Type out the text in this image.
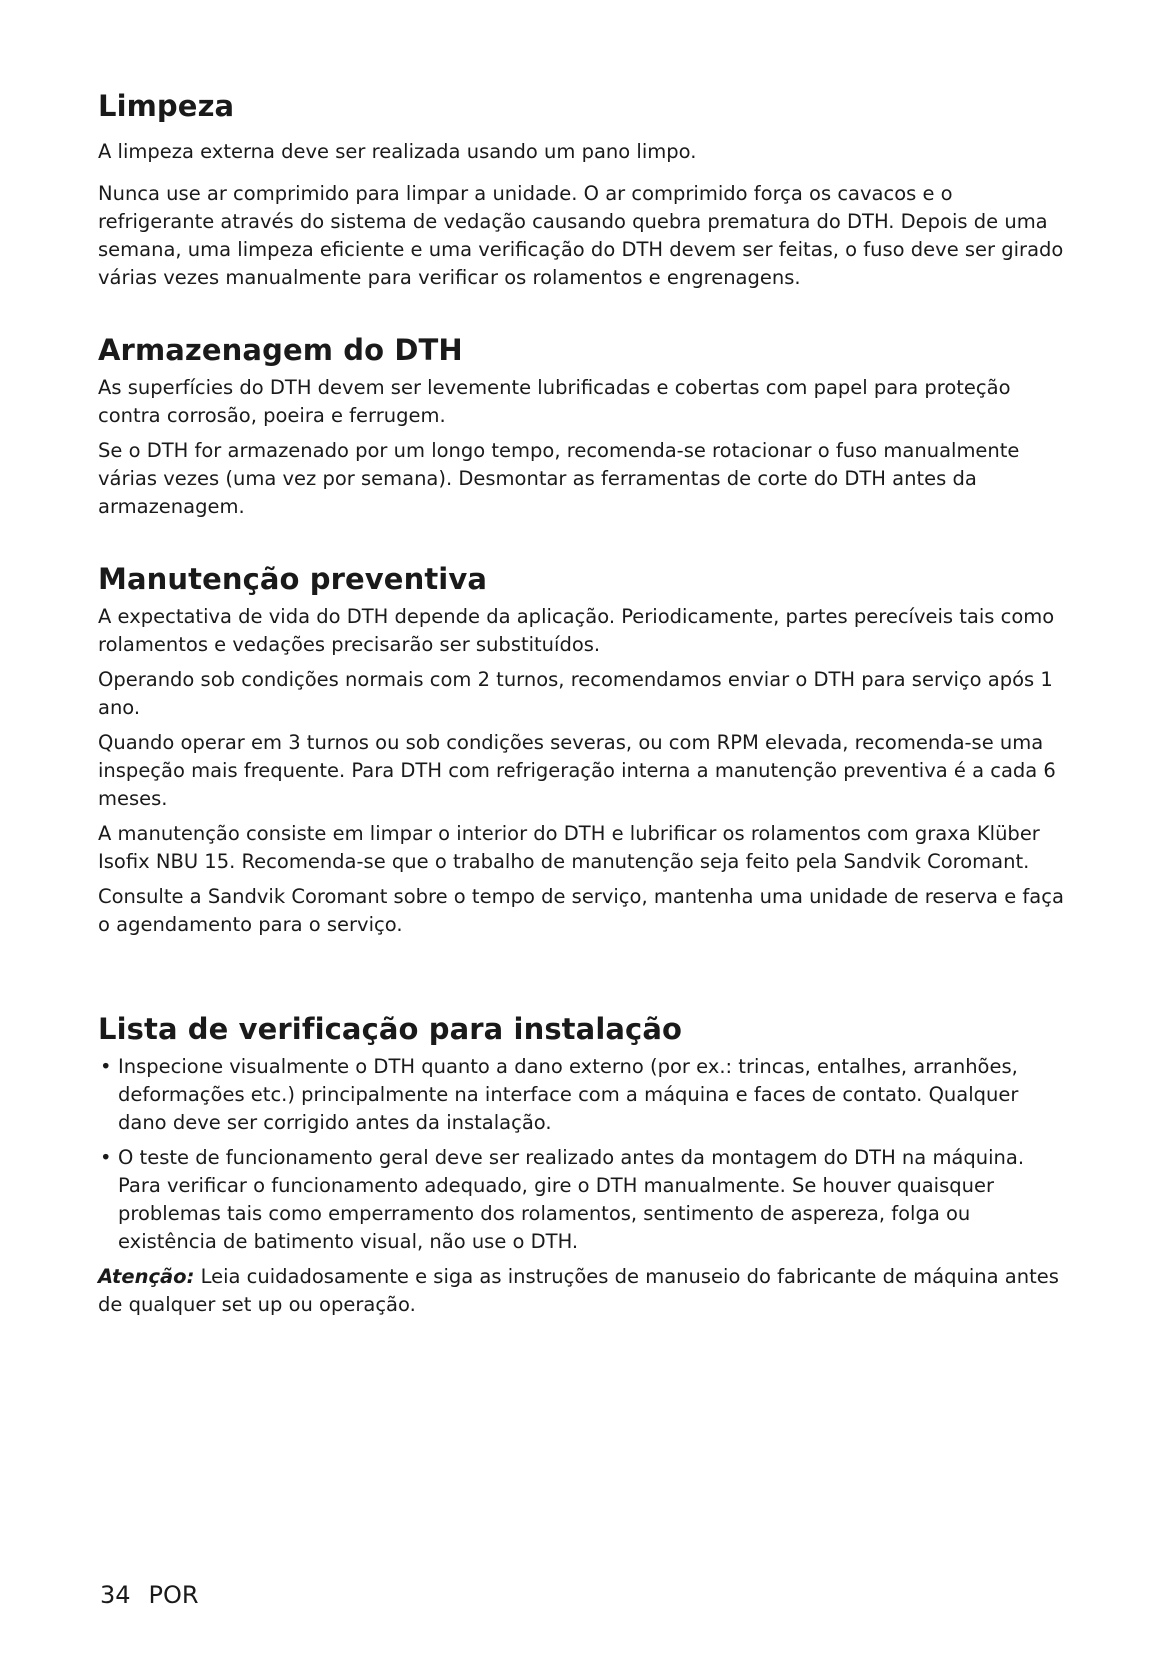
Limpeza

A limpeza externa deve ser realizada usando um pano limpo.

Nunca use ar comprimido para limpar a unidade. O ar comprimido força os cavacos e o refrigerante através do sistema de vedação causando quebra prematura do DTH. Depois de uma semana, uma limpeza eficiente e uma verificação do DTH devem ser feitas, o fuso deve ser girado várias vezes manualmente para verificar os rolamentos e engrenagens.

Armazenagem do DTH

As superfícies do DTH devem ser levemente lubrificadas e cobertas com papel para proteção contra corrosão, poeira e ferrugem.

Se o DTH for armazenado por um longo tempo, recomenda-se rotacionar o fuso manualmente várias vezes (uma vez por semana). Desmontar as ferramentas de corte do DTH antes da armazenagem.

Manutenção preventiva

A expectativa de vida do DTH depende da aplicação. Periodicamente, partes perecíveis tais como rolamentos e vedações precisarão ser substituídos.

Operando sob condições normais com 2 turnos, recomendamos enviar o DTH para serviço após 1 ano.

Quando operar em 3 turnos ou sob condições severas, ou com RPM elevada, recomenda-se uma inspeção mais frequente. Para DTH com refrigeração interna a manutenção preventiva é a cada 6 meses.

A manutenção consiste em limpar o interior do DTH e lubrificar os rolamentos com graxa Klüber Isofix NBU 15. Recomenda-se que o trabalho de manutenção seja feito pela Sandvik Coromant.

Consulte a Sandvik Coromant sobre o tempo de serviço, mantenha uma unidade de reserva e faça o agendamento para o serviço.

Lista de verificação para instalação
• Inspecione visualmente o DTH quanto a dano externo (por ex.: trincas, entalhes, arranhões, deformações etc.) principalmente na interface com a máquina e faces de contato. Qualquer dano deve ser corrigido antes da instalação.
• O teste de funcionamento geral deve ser realizado antes da montagem do DTH na máquina. Para verificar o funcionamento adequado, gire o DTH manualmente. Se houver quaisquer problemas tais como emperramento dos rolamentos, sentimento de aspereza, folga ou existência de batimento visual, não use o DTH.

Atenção: Leia cuidadosamente e siga as instruções de manuseio do fabricante de máquina antes de qualquer set up ou operação.

34 POR
